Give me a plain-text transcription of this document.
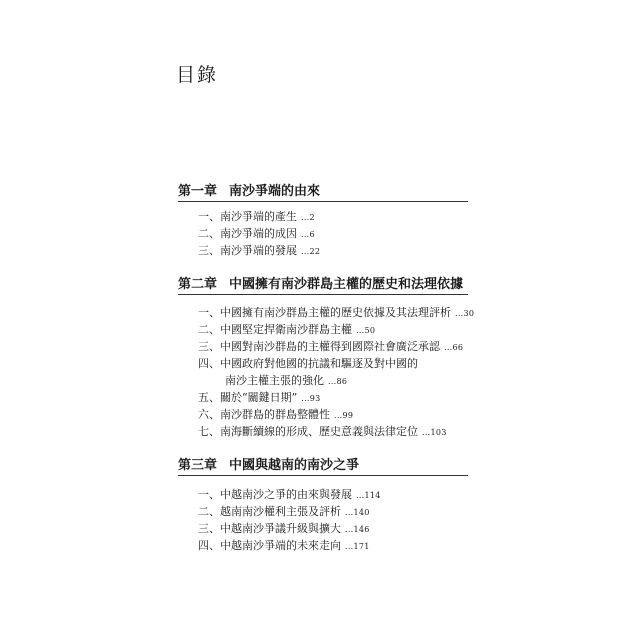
目錄
第一章 南沙爭端的由來
一、南沙爭端的產生 ...2
二、南沙爭端的成因 ...6
三、南沙爭端的發展 ...22
第二章 中國擁有南沙群島主權的歷史和法理依據
一、中國擁有南沙群島主權的歷史依據及其法理評析 ...30
二、中國堅定捍衛南沙群島主權 ...50
三、中國對南沙群島的主權得到國際社會廣泛承認 ...66
四、中國政府對他國的抗議和驅逐及對中國的
南沙主權主張的強化 ...86
五、關於“關鍵日期” ...93
六、南沙群島的群島整體性 ...99
七、南海斷續線的形成、歷史意義與法律定位 ...103
第三章 中國與越南的南沙之爭
一、中越南沙之爭的由來與發展 ...114
二、越南南沙權利主張及評析 ...140
三、中越南沙爭議升級與擴大 ...146
四、中越南沙爭端的未來走向 ...171
